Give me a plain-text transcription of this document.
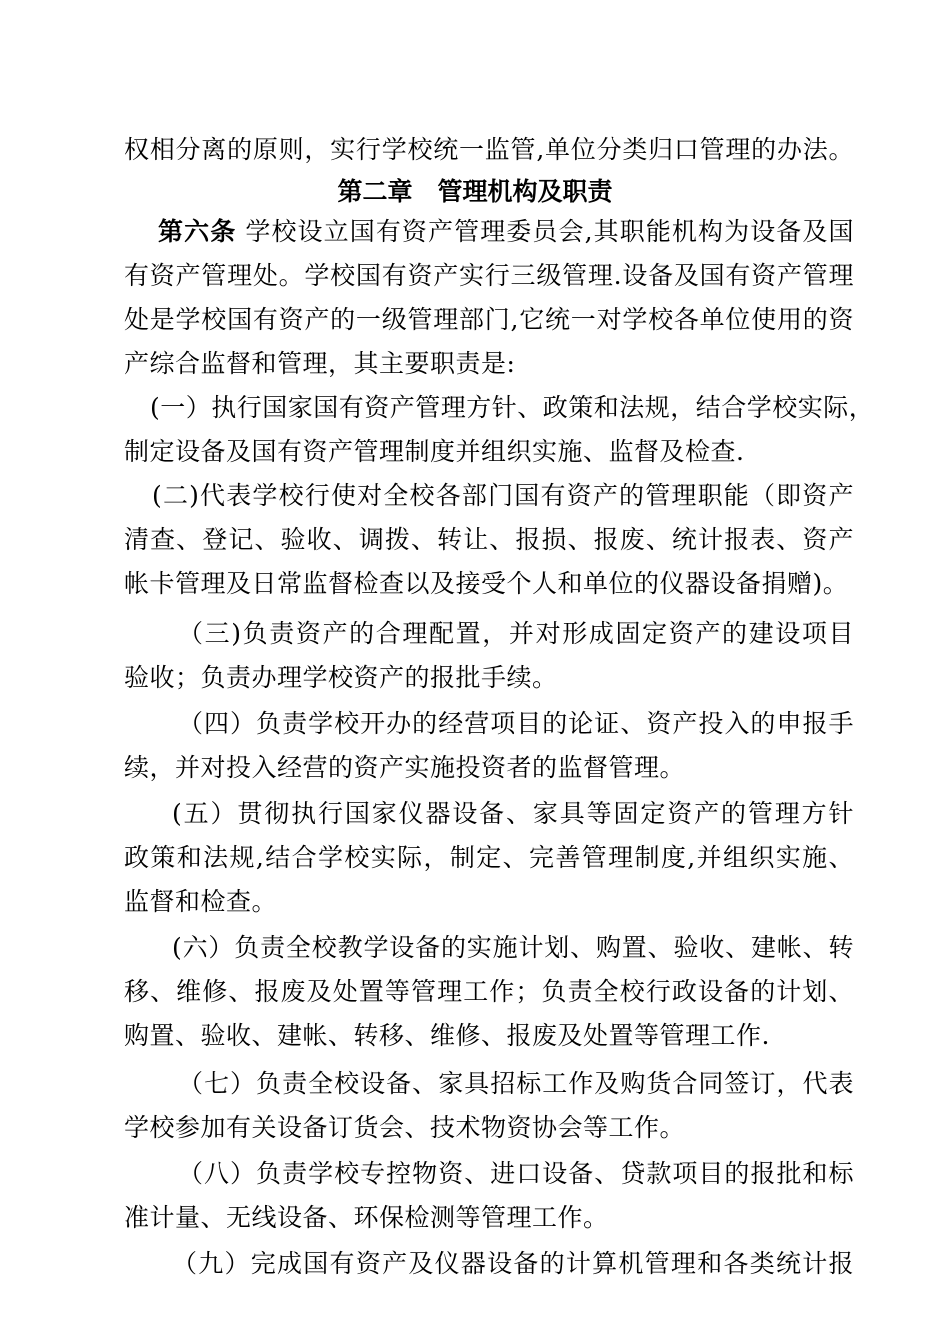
权相分离的原则，实行学校统一监管,单位分类归口管理的办法。
第二章　管理机构及职责
第六条 学校设立国有资产管理委员会,其职能机构为设备及国
有资产管理处。学校国有资产实行三级管理.设备及国有资产管理
处是学校国有资产的一级管理部门,它统一对学校各单位使用的资
产综合监督和管理，其主要职责是:
(一）执行国家国有资产管理方针、政策和法规，结合学校实际，
制定设备及国有资产管理制度并组织实施、监督及检查.
(二)代表学校行使对全校各部门国有资产的管理职能（即资产
清查、登记、验收、调拨、转让、报损、报废、统计报表、资产
帐卡管理及日常监督检查以及接受个人和单位的仪器设备捐赠)。
（三)负责资产的合理配置，并对形成固定资产的建设项目
验收；负责办理学校资产的报批手续。
（四）负责学校开办的经营项目的论证、资产投入的申报手
续，并对投入经营的资产实施投资者的监督管理。
(五）贯彻执行国家仪器设备、家具等固定资产的管理方针
政策和法规,结合学校实际，制定、完善管理制度,并组织实施、
监督和检查。
(六）负责全校教学设备的实施计划、购置、验收、建帐、转
移、维修、报废及处置等管理工作；负责全校行政设备的计划、
购置、验收、建帐、转移、维修、报废及处置等管理工作.
（七）负责全校设备、家具招标工作及购货合同签订，代表
学校参加有关设备订货会、技术物资协会等工作。
（八）负责学校专控物资、进口设备、贷款项目的报批和标
准计量、无线设备、环保检测等管理工作。
（九）完成国有资产及仪器设备的计算机管理和各类统计报
